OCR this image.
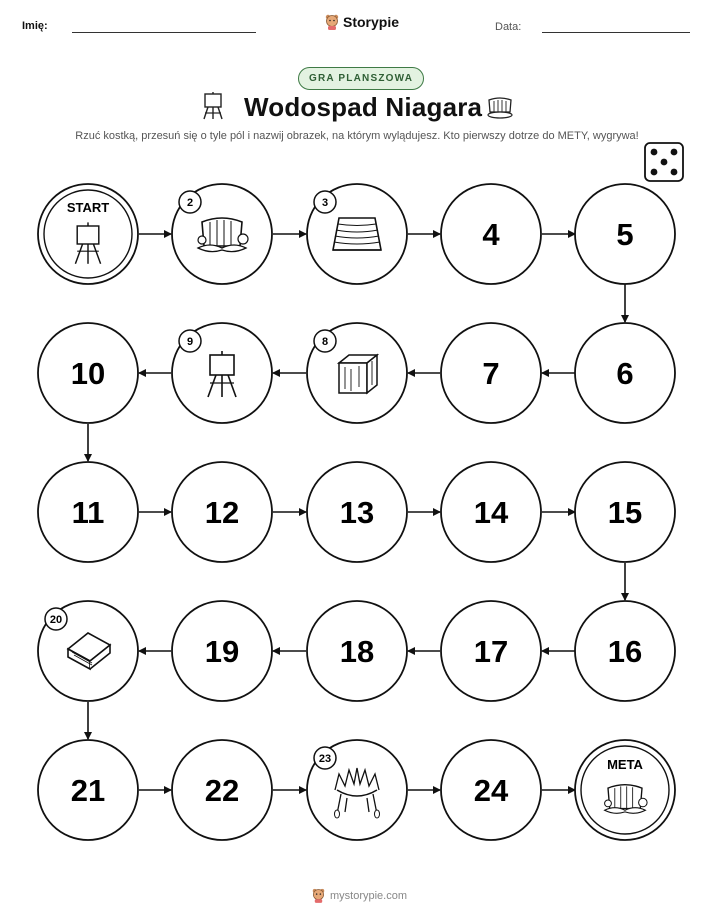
Imię:	Storypie	Data:
GRA PLANSZOWA
Wodospad Niagara
Rzuć kostką, przesuń się o tyle pól i nazwij obrazek, na którym wylądujesz. Kto pierwszy dotrze do METY, wygrywa!
START
META
2	3
4	5
6
7
8
9
10
11	12	13	14	15
16
17
18
19
20
21	22
23
24
mystorypie.com
